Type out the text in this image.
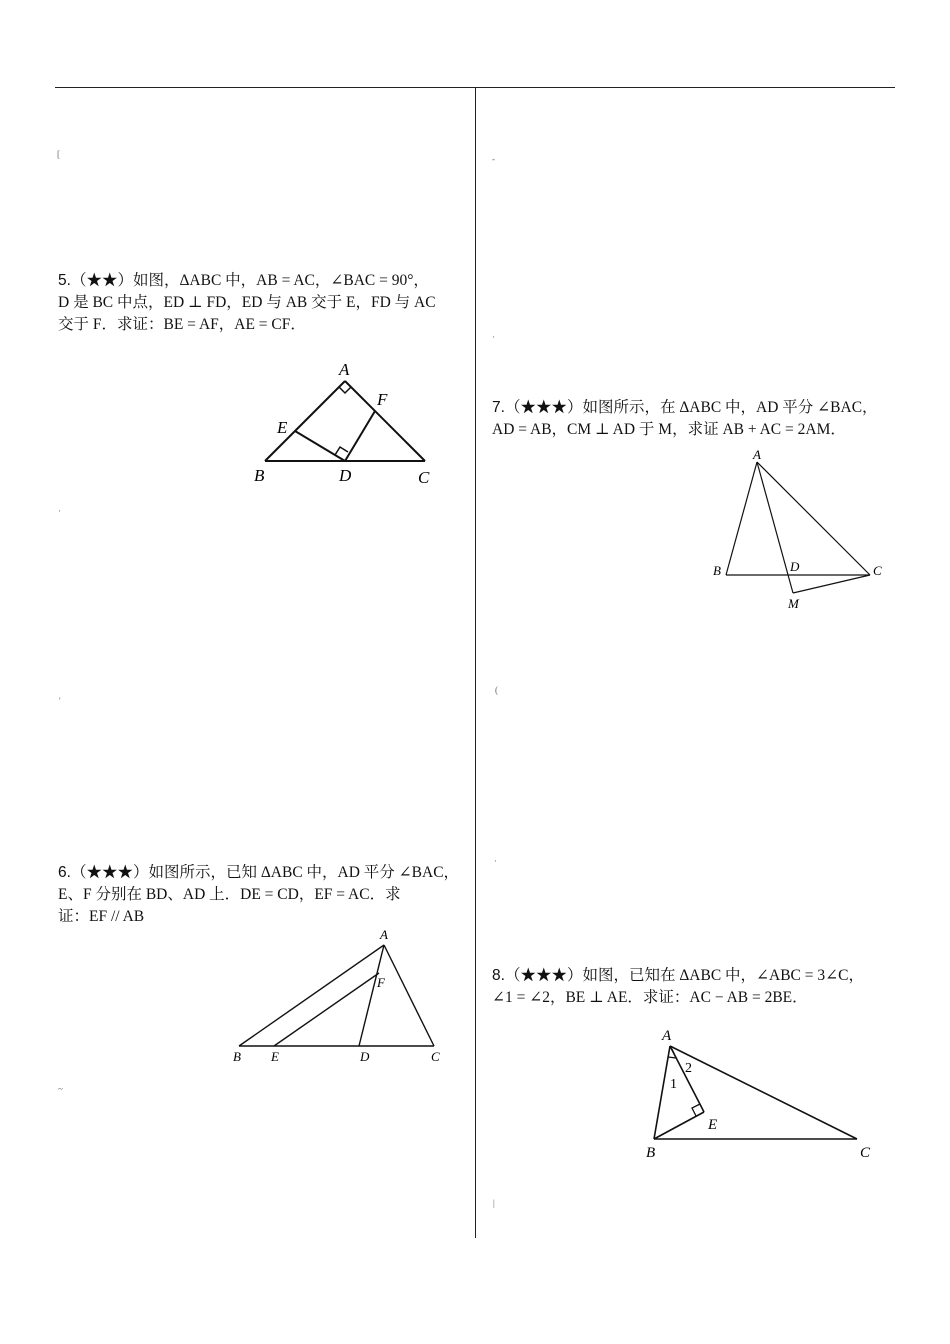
[	-
·
·
'
(
·
~
|
5.（★★）如图，ΔABC 中，AB = AC，∠BAC = 90°，
D 是 BC 中点，ED ⊥ FD，ED 与 AB 交于 E，FD 与 AC
交于 F．求证：BE = AF，AE = CF．
A
B	C
D
E
F
6.（★★★）如图所示，已知 ΔABC 中，AD 平分 ∠BAC，
E、F 分别在 BD、AD 上．DE = CD，EF = AC．求
证：EF // AB
A
B	C
D
E
F
7.（★★★）如图所示，在 ΔABC 中，AD 平分 ∠BAC，
AD = AB，CM ⊥ AD 于 M，求证 AB + AC = 2AM．
A
B	C
D
M
8.（★★★）如图，已知在 ΔABC 中，∠ABC = 3∠C，
∠1 = ∠2，BE ⊥ AE．求证：AC − AB = 2BE．
A
B	C
E
1
2
